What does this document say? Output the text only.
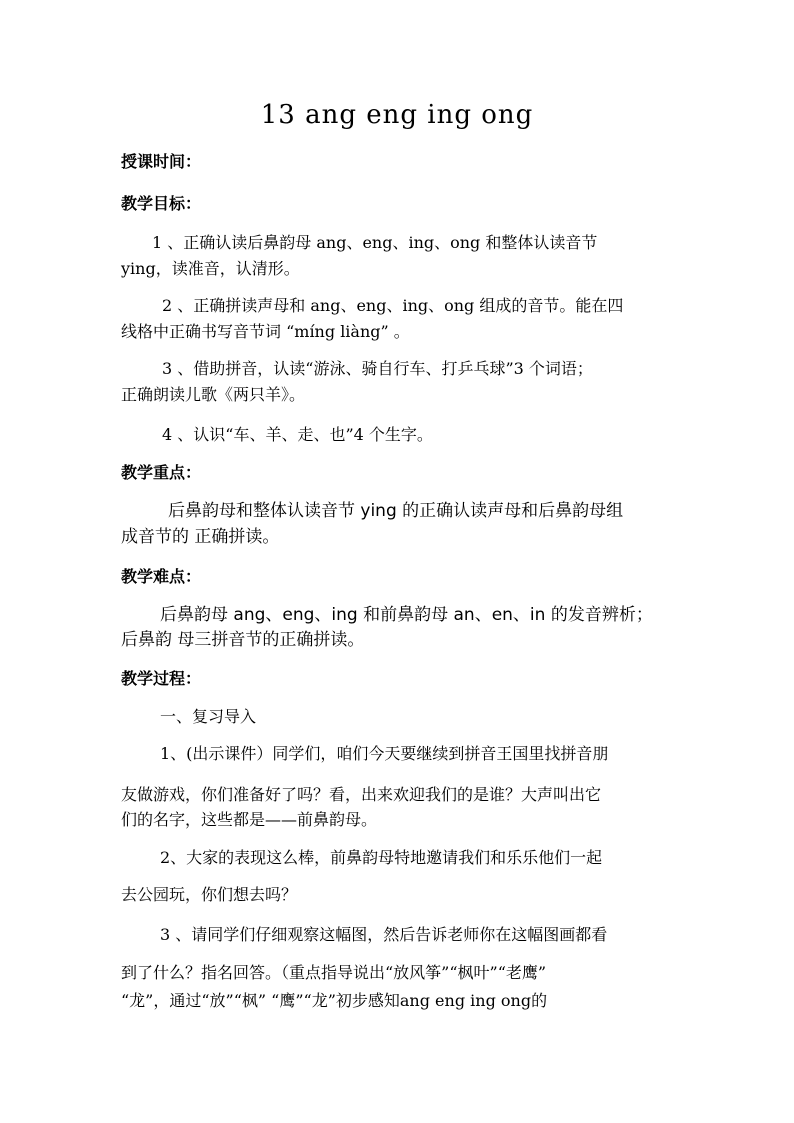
13 ang eng ing ong
授课时间：
教学目标：
1 、正确认读后鼻韵母 ang、eng、ing、ong 和整体认读音节
ying，读准音，认清形。
2 、正确拼读声母和 ang、eng、ing、ong 组成的音节。能在四
线格中正确书写音节词 “míng liàng” 。
3 、借助拼音，认读“游泳、骑自行车、打乒乓球”3 个词语；
正确朗读儿歌《两只羊》。
4 、认识“车、羊、走、也”4 个生字。
教学重点：
后鼻韵母和整体认读音节 ying 的正确认读声母和后鼻韵母组
成音节的 正确拼读。
教学难点：
后鼻韵母 ang、eng、ing 和前鼻韵母 an、en、in 的发音辨析；
后鼻韵 母三拼音节的正确拼读。
教学过程：
一、复习导入
1、(出示课件）同学们，咱们今天要继续到拼音王国里找拼音朋
友做游戏，你们准备好了吗？看，出来欢迎我们的是谁？大声叫出它
们的名字，这些都是——前鼻韵母。
2、大家的表现这么棒，前鼻韵母特地邀请我们和乐乐他们一起
去公园玩，你们想去吗？
3 、请同学们仔细观察这幅图，然后告诉老师你在这幅图画都看
到了什么？指名回答。（重点指导说出“放风筝”“枫叶”“老鹰”
“龙”，通过“放”“枫” “鹰”“龙”初步感知ang eng ing ong的
